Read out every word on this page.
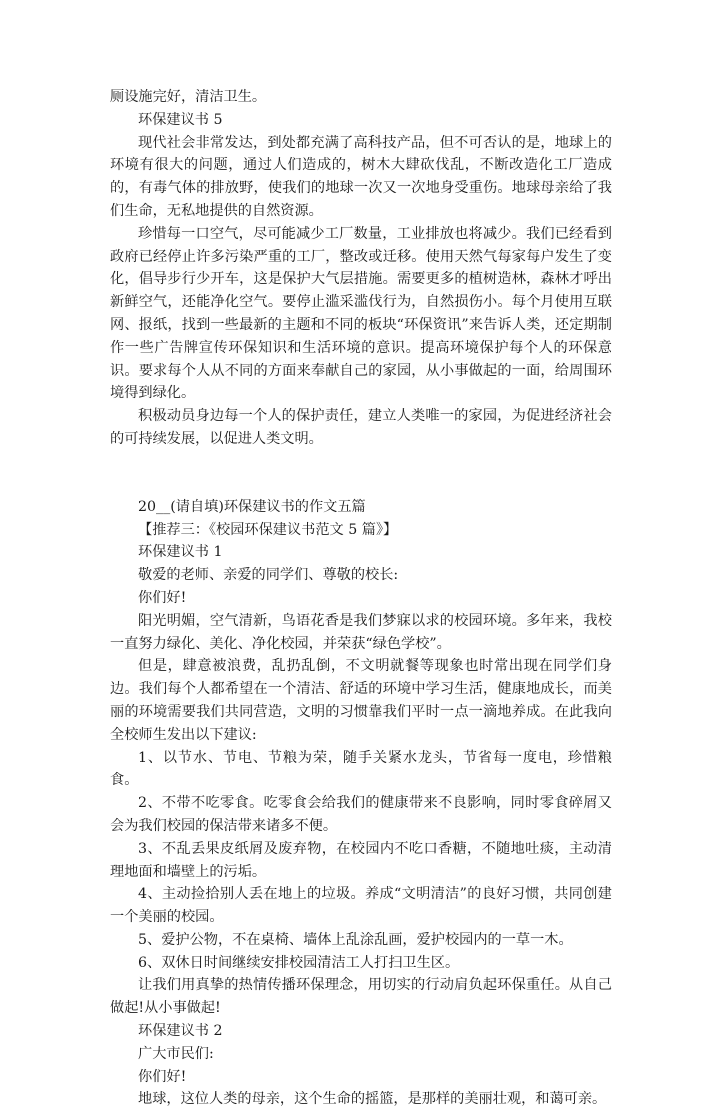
厕设施完好，清洁卫生。
环保建议书 5
现代社会非常发达，到处都充满了高科技产品，但不可否认的是，地球上的环境有很大的问题，通过人们造成的，树木大肆砍伐乱，不断改造化工厂造成的，有毒气体的排放野，使我们的地球一次又一次地身受重伤。地球母亲给了我们生命，无私地提供的自然资源。
珍惜每一口空气，尽可能减少工厂数量，工业排放也将减少。我们已经看到政府已经停止许多污染严重的工厂，整改或迁移。使用天然气每家每户发生了变化，倡导步行少开车，这是保护大气层措施。需要更多的植树造林，森林才呼出新鲜空气，还能净化空气。要停止滥采滥伐行为，自然损伤小。每个月使用互联网、报纸，找到一些最新的主题和不同的板块“环保资讯”来告诉人类，还定期制作一些广告牌宣传环保知识和生活环境的意识。提高环境保护每个人的环保意识。要求每个人从不同的方面来奉献自己的家园，从小事做起的一面，给周围环境得到绿化。
积极动员身边每一个人的保护责任，建立人类唯一的家园，为促进经济社会的可持续发展，以促进人类文明。
20__(请自填)环保建议书的作文五篇
【推荐三：《校园环保建议书范文 5 篇》】
环保建议书 1
敬爱的老师、亲爱的同学们、尊敬的校长:
你们好!
阳光明媚，空气清新，鸟语花香是我们梦寐以求的校园环境。多年来，我校一直努力绿化、美化、净化校园，并荣获“绿色学校”。
但是，肆意被浪费，乱扔乱倒，不文明就餐等现象也时常出现在同学们身边。我们每个人都希望在一个清洁、舒适的环境中学习生活，健康地成长，而美丽的环境需要我们共同营造，文明的习惯靠我们平时一点一滴地养成。在此我向全校师生发出以下建议:
1、以节水、节电、节粮为荣，随手关紧水龙头，节省每一度电，珍惜粮食。
2、不带不吃零食。吃零食会给我们的健康带来不良影响，同时零食碎屑又会为我们校园的保洁带来诸多不便。
3、不乱丢果皮纸屑及废弃物，在校园内不吃口香糖，不随地吐痰，主动清理地面和墙壁上的污垢。
4、主动捡拾别人丢在地上的垃圾。养成“文明清洁”的良好习惯，共同创建一个美丽的校园。
5、爱护公物，不在桌椅、墙体上乱涂乱画，爱护校园内的一草一木。
6、双休日时间继续安排校园清洁工人打扫卫生区。
让我们用真挚的热情传播环保理念，用切实的行动肩负起环保重任。从自己做起!从小事做起!
环保建议书 2
广大市民们:
你们好!
地球，这位人类的母亲，这个生命的摇篮，是那样的美丽壮观，和蔼可亲。
